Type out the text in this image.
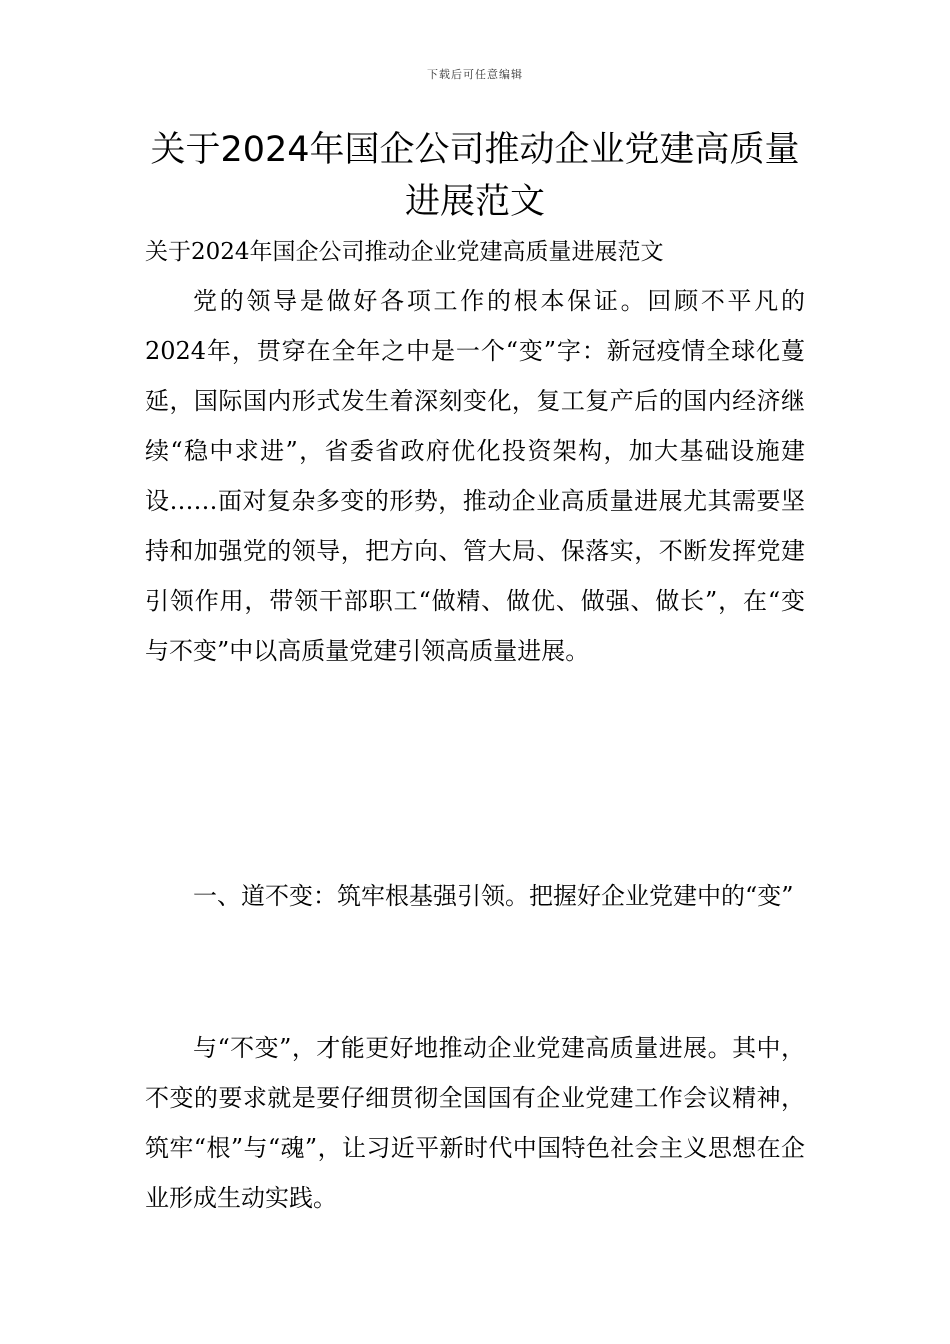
下载后可任意编辑
关于2024年国企公司推动企业党建高质量进展范文
关于2024年国企公司推动企业党建高质量进展范文
党的领导是做好各项工作的根本保证。回顾不平凡的2024年，贯穿在全年之中是一个“变”字：新冠疫情全球化蔓延，国际国内形式发生着深刻变化，复工复产后的国内经济继续“稳中求进”，省委省政府优化投资架构，加大基础设施建设……面对复杂多变的形势，推动企业高质量进展尤其需要坚持和加强党的领导，把方向、管大局、保落实，不断发挥党建引领作用，带领干部职工“做精、做优、做强、做长”，在“变与不变”中以高质量党建引领高质量进展。
一、道不变：筑牢根基强引领。把握好企业党建中的“变”
与“不变”，才能更好地推动企业党建高质量进展。其中，不变的要求就是要仔细贯彻全国国有企业党建工作会议精神，筑牢“根”与“魂”，让习近平新时代中国特色社会主义思想在企业形成生动实践。
